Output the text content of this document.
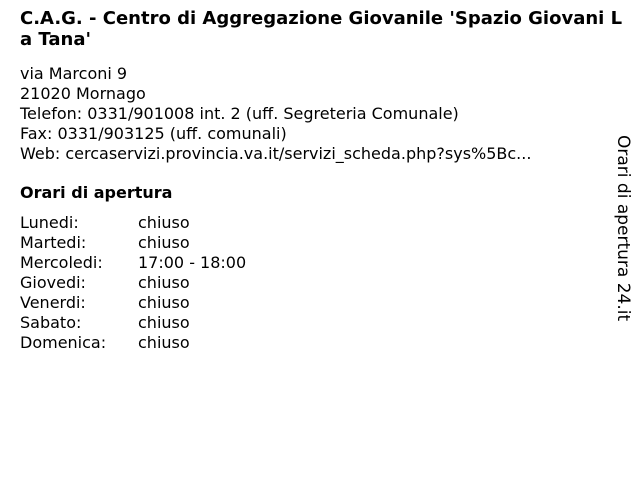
C.A.G. - Centro di Aggregazione Giovanile 'Spazio Giovani La Tana'
via Marconi 9
21020 Mornago
Telefon: 0331/901008 int. 2 (uff. Segreteria Comunale)
Fax: 0331/903125 (uff. comunali)
Web: cercaservizi.provincia.va.it/servizi_scheda.php?sys%5Bc...
Orari di apertura
Lunedi:	chiuso
Martedi:	chiuso
Mercoledi:	17:00 - 18:00
Giovedi:	chiuso
Venerdi:	chiuso
Sabato:	chiuso
Domenica:	chiuso
Orari di apertura 24.it
